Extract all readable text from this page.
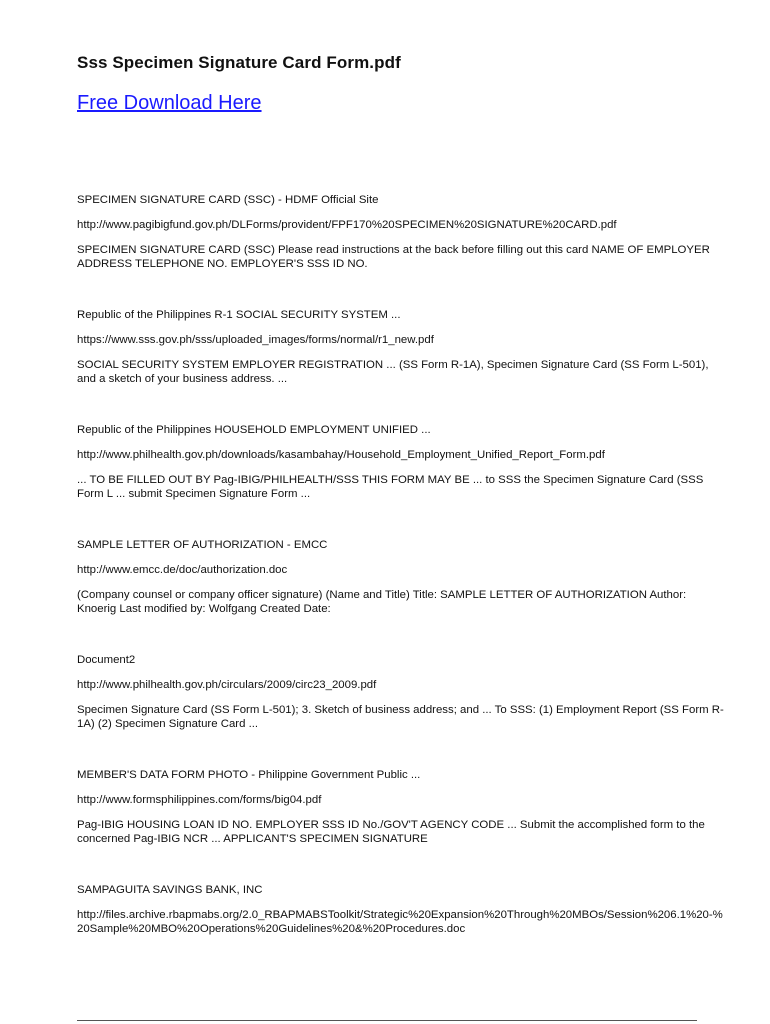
Sss Specimen Signature Card Form.pdf
Free Download Here

SPECIMEN SIGNATURE CARD (SSC) - HDMF Official Site

http://www.pagibigfund.gov.ph/DLForms/provident/FPF170%20SPECIMEN%20SIGNATURE%20CARD.pdf

SPECIMEN SIGNATURE CARD (SSC) Please read instructions at the back before filling out this card NAME OF EMPLOYER ADDRESS TELEPHONE NO. EMPLOYER'S SSS ID NO.

Republic of the Philippines R-1 SOCIAL SECURITY SYSTEM ...

https://www.sss.gov.ph/sss/uploaded_images/forms/normal/r1_new.pdf

SOCIAL SECURITY SYSTEM EMPLOYER REGISTRATION ... (SS Form R-1A), Specimen Signature Card (SS Form L-501), and a sketch of your business address. ...

Republic of the Philippines HOUSEHOLD EMPLOYMENT UNIFIED ...

http://www.philhealth.gov.ph/downloads/kasambahay/Household_Employment_Unified_Report_Form.pdf

... TO BE FILLED OUT BY Pag-IBIG/PHILHEALTH/SSS THIS FORM MAY BE ... to SSS the Specimen Signature Card (SSS Form L ... submit Specimen Signature Form ...

SAMPLE LETTER OF AUTHORIZATION - EMCC

http://www.emcc.de/doc/authorization.doc

(Company counsel or company officer signature) (Name and Title) Title: SAMPLE LETTER OF AUTHORIZATION Author: Knoerig Last modified by: Wolfgang Created Date:

Document2

http://www.philhealth.gov.ph/circulars/2009/circ23_2009.pdf

Specimen Signature Card (SS Form L-501); 3. Sketch of business address; and ... To SSS: (1) Employment Report (SS Form R-1A) (2) Specimen Signature Card ...

MEMBER'S DATA FORM PHOTO - Philippine Government Public ...

http://www.formsphilippines.com/forms/big04.pdf

Pag-IBIG HOUSING LOAN ID NO. EMPLOYER SSS ID No./GOV'T AGENCY CODE ... Submit the accomplished form to the concerned Pag-IBIG NCR ... APPLICANT'S SPECIMEN SIGNATURE

SAMPAGUITA SAVINGS BANK, INC

http://files.archive.rbapmabs.org/2.0_RBAPMABSToolkit/Strategic%20Expansion%20Through%20MBOs/Session%206.1%20-%20Sample%20MBO%20Operations%20Guidelines%20&%20Procedures.doc
